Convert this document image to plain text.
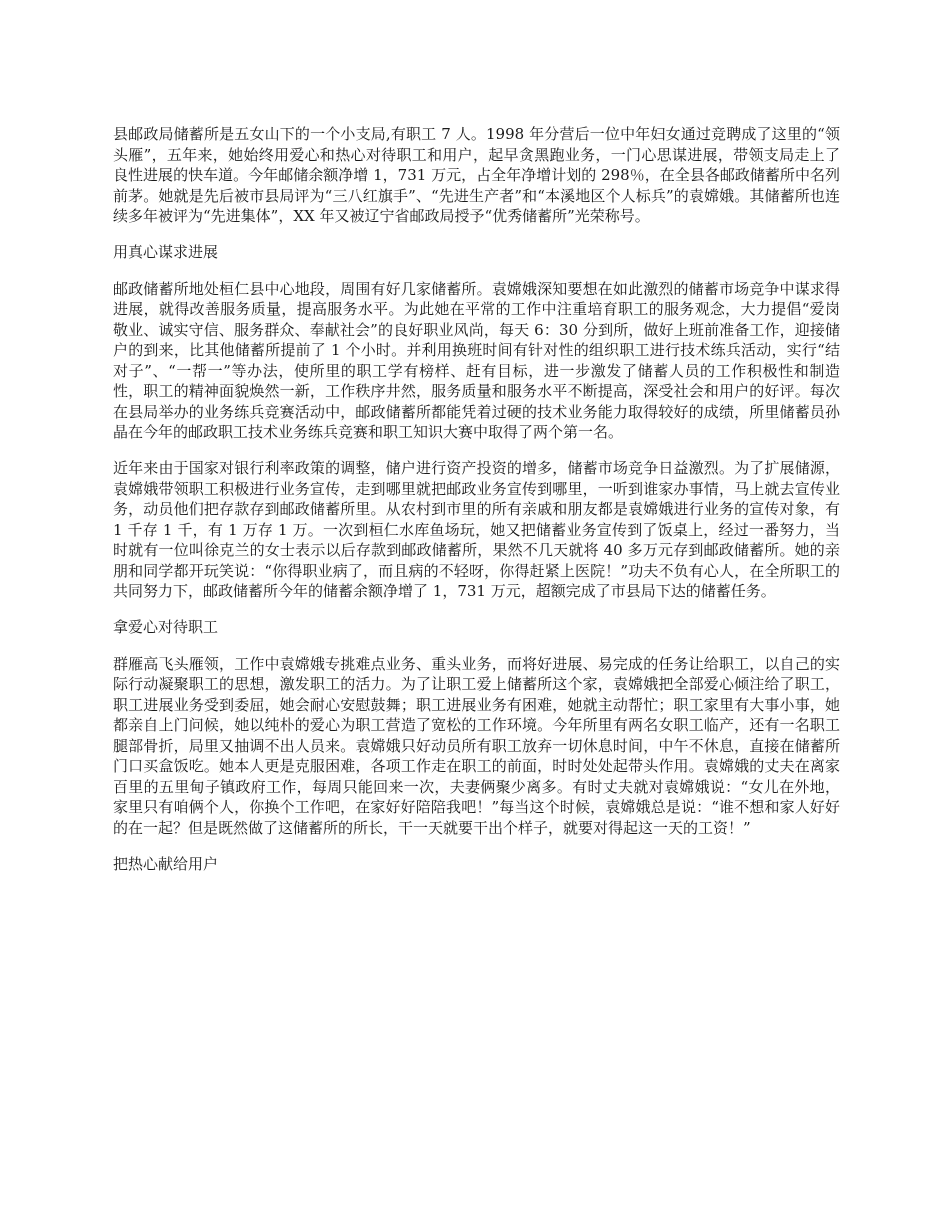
县邮政局储蓄所是五女山下的一个小支局,有职工 7 人。1998 年分营后一位中年妇女通过竞聘成了这里的“领头雁”，五年来，她始终用爱心和热心对待职工和用户，起早贪黑跑业务，一门心思谋进展，带领支局走上了良性进展的快车道。今年邮储余额净增 1，731 万元，占全年净增计划的 298％，在全县各邮政储蓄所中名列前茅。她就是先后被市县局评为“三八红旗手”、“先进生产者”和“本溪地区个人标兵”的袁嫦娥。其储蓄所也连续多年被评为“先进集体”，XX 年又被辽宁省邮政局授予“优秀储蓄所”光荣称号。

用真心谋求进展

邮政储蓄所地处桓仁县中心地段，周围有好几家储蓄所。袁嫦娥深知要想在如此激烈的储蓄市场竞争中谋求得进展，就得改善服务质量，提高服务水平。为此她在平常的工作中注重培育职工的服务观念，大力提倡“爱岗敬业、诚实守信、服务群众、奉献社会”的良好职业风尚，每天 6：30 分到所，做好上班前准备工作，迎接储户的到来，比其他储蓄所提前了 1 个小时。并利用换班时间有针对性的组织职工进行技术练兵活动，实行“结对子”、“一帮一”等办法，使所里的职工学有榜样、赶有目标，进一步激发了储蓄人员的工作积极性和制造性，职工的精神面貌焕然一新，工作秩序井然，服务质量和服务水平不断提高，深受社会和用户的好评。每次在县局举办的业务练兵竞赛活动中，邮政储蓄所都能凭着过硬的技术业务能力取得较好的成绩，所里储蓄员孙晶在今年的邮政职工技术业务练兵竞赛和职工知识大赛中取得了两个第一名。

近年来由于国家对银行利率政策的调整，储户进行资产投资的增多，储蓄市场竞争日益激烈。为了扩展储源，袁嫦娥带领职工积极进行业务宣传，走到哪里就把邮政业务宣传到哪里，一听到谁家办事情，马上就去宣传业务，动员他们把存款存到邮政储蓄所里。从农村到市里的所有亲戚和朋友都是袁嫦娥进行业务的宣传对象，有 1 千存 1 千，有 1 万存 1 万。一次到桓仁水库鱼场玩，她又把储蓄业务宣传到了饭桌上，经过一番努力，当时就有一位叫徐克兰的女士表示以后存款到邮政储蓄所，果然不几天就将 40 多万元存到邮政储蓄所。她的亲朋和同学都开玩笑说：“你得职业病了，而且病的不轻呀，你得赶紧上医院！”功夫不负有心人，在全所职工的共同努力下，邮政储蓄所今年的储蓄余额净增了 1，731 万元，超额完成了市县局下达的储蓄任务。

拿爱心对待职工

群雁高飞头雁领，工作中袁嫦娥专挑难点业务、重头业务，而将好进展、易完成的任务让给职工，以自己的实际行动凝聚职工的思想，激发职工的活力。为了让职工爱上储蓄所这个家，袁嫦娥把全部爱心倾注给了职工，职工进展业务受到委屈，她会耐心安慰鼓舞；职工进展业务有困难，她就主动帮忙；职工家里有大事小事，她都亲自上门问候，她以纯朴的爱心为职工营造了宽松的工作环境。今年所里有两名女职工临产，还有一名职工腿部骨折，局里又抽调不出人员来。袁嫦娥只好动员所有职工放弃一切休息时间，中午不休息，直接在储蓄所门口买盒饭吃。她本人更是克服困难，各项工作走在职工的前面，时时处处起带头作用。袁嫦娥的丈夫在离家百里的五里甸子镇政府工作，每周只能回来一次，夫妻俩聚少离多。有时丈夫就对袁嫦娥说：“女儿在外地，家里只有咱俩个人，你换个工作吧，在家好好陪陪我吧！”每当这个时候，袁嫦娥总是说：“谁不想和家人好好的在一起？但是既然做了这储蓄所的所长，干一天就要干出个样子，就要对得起这一天的工资！”

把热心献给用户
